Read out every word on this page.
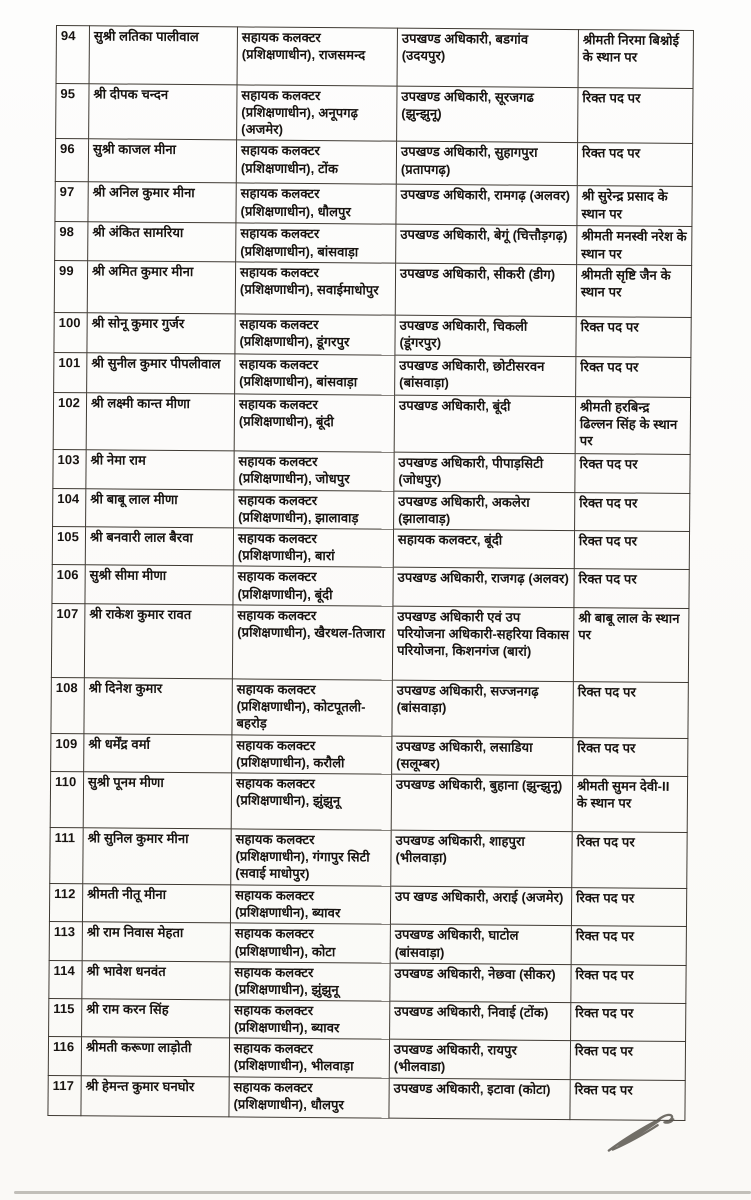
94	सुश्री लतिका पालीवाल	सहायक कलक्टर (प्रशिक्षणाधीन), राजसमन्द	उपखण्ड अधिकारी, बडगांव (उदयपुर)	श्रीमती निरमा बिश्नोई के स्थान पर
95	श्री दीपक चन्दन	सहायक कलक्टर (प्रशिक्षणाधीन), अनूपगढ़ (अजमेर)	उपखण्ड अधिकारी, सूरजगढ (झुन्झुनू)	रिक्त पद पर
96	सुश्री काजल मीना	सहायक कलक्टर (प्रशिक्षणाधीन), टोंक	उपखण्ड अधिकारी, सुहागपुरा (प्रतापगढ़)	रिक्त पद पर
97	श्री अनिल कुमार मीना	सहायक कलक्टर (प्रशिक्षणाधीन), धौलपुर	उपखण्ड अधिकारी, रामगढ़ (अलवर)	श्री सुरेन्द्र प्रसाद के स्थान पर
98	श्री अंकित सामरिया	सहायक कलक्टर (प्रशिक्षणाधीन), बांसवाड़ा	उपखण्ड अधिकारी, बेगूं (चित्तौड़गढ़)	श्रीमती मनस्वी नरेश के स्थान पर
99	श्री अमित कुमार मीना	सहायक कलक्टर (प्रशिक्षणाधीन), सवाईमाधोपुर	उपखण्ड अधिकारी, सीकरी (डीग)	श्रीमती सृष्टि जैन के स्थान पर
100	श्री सोनू कुमार गुर्जर	सहायक कलक्टर (प्रशिक्षणाधीन), डूंगरपुर	उपखण्ड अधिकारी, चिकली (डूंगरपुर)	रिक्त पद पर
101	श्री सुनील कुमार पीपलीवाल	सहायक कलक्टर (प्रशिक्षणाधीन), बांसवाड़ा	उपखण्ड अधिकारी, छोटीसरवन (बांसवाड़ा)	रिक्त पद पर
102	श्री लक्ष्मी कान्त मीणा	सहायक कलक्टर (प्रशिक्षणाधीन), बूंदी	उपखण्ड अधिकारी, बूंदी	श्रीमती हरबिन्द्र ढिल्लन सिंह के स्थान पर
103	श्री नेमा राम	सहायक कलक्टर (प्रशिक्षणाधीन), जोधपुर	उपखण्ड अधिकारी, पीपाड़सिटी (जोधपुर)	रिक्त पद पर
104	श्री बाबू लाल मीणा	सहायक कलक्टर (प्रशिक्षणाधीन), झालावाड़	उपखण्ड अधिकारी, अकलेरा (झालावाड़)	रिक्त पद पर
105	श्री बनवारी लाल बैरवा	सहायक कलक्टर (प्रशिक्षणाधीन), बारां	सहायक कलक्टर, बूंदी	रिक्त पद पर
106	सुश्री सीमा मीणा	सहायक कलक्टर (प्रशिक्षणाधीन), बूंदी	उपखण्ड अधिकारी, राजगढ़ (अलवर)	रिक्त पद पर
107	श्री राकेश कुमार रावत	सहायक कलक्टर (प्रशिक्षणाधीन), खैरथल-तिजारा	उपखण्ड अधिकारी एवं उप परियोजना अधिकारी-सहरिया विकास परियोजना, किशनगंज (बारां)	श्री बाबू लाल के स्थान पर
108	श्री दिनेश कुमार	सहायक कलक्टर (प्रशिक्षणाधीन), कोटपूतली-बहरोड़	उपखण्ड अधिकारी, सज्जनगढ़ (बांसवाड़ा)	रिक्त पद पर
109	श्री धर्मेंद्र वर्मा	सहायक कलक्टर (प्रशिक्षणाधीन), करौली	उपखण्ड अधिकारी, लसाडिया (सलूम्बर)	रिक्त पद पर
110	सुश्री पूनम मीणा	सहायक कलक्टर (प्रशिक्षणाधीन), झुंझुनू	उपखण्ड अधिकारी, बुहाना (झुन्झुनू)	श्रीमती सुमन देवी-II के स्थान पर
111	श्री सुनिल कुमार मीना	सहायक कलक्टर (प्रशिक्षणाधीन), गंगापुर सिटी (सवाई माधोपुर)	उपखण्ड अधिकारी, शाहपुरा (भीलवाड़ा)	रिक्त पद पर
112	श्रीमती नीतू मीना	सहायक कलक्टर (प्रशिक्षणाधीन), ब्यावर	उप खण्ड अधिकारी, अराई (अजमेर)	रिक्त पद पर
113	श्री राम निवास मेहता	सहायक कलक्टर (प्रशिक्षणाधीन), कोटा	उपखण्ड अधिकारी, घाटोल (बांसवाड़ा)	रिक्त पद पर
114	श्री भावेश धनवंत	सहायक कलक्टर (प्रशिक्षणाधीन), झुंझुनू	उपखण्ड अधिकारी, नेछवा (सीकर)	रिक्त पद पर
115	श्री राम करन सिंह	सहायक कलक्टर (प्रशिक्षणाधीन), ब्यावर	उपखण्ड अधिकारी, निवाई (टोंक)	रिक्त पद पर
116	श्रीमती करूणा लाड़ोती	सहायक कलक्टर (प्रशिक्षणाधीन), भीलवाड़ा	उपखण्ड अधिकारी, रायपुर (भीलवाडा)	रिक्त पद पर
117	श्री हेमन्त कुमार घनघोर	सहायक कलक्टर (प्रशिक्षणाधीन), धौलपुर	उपखण्ड अधिकारी, इटावा (कोटा)	रिक्त पद पर
